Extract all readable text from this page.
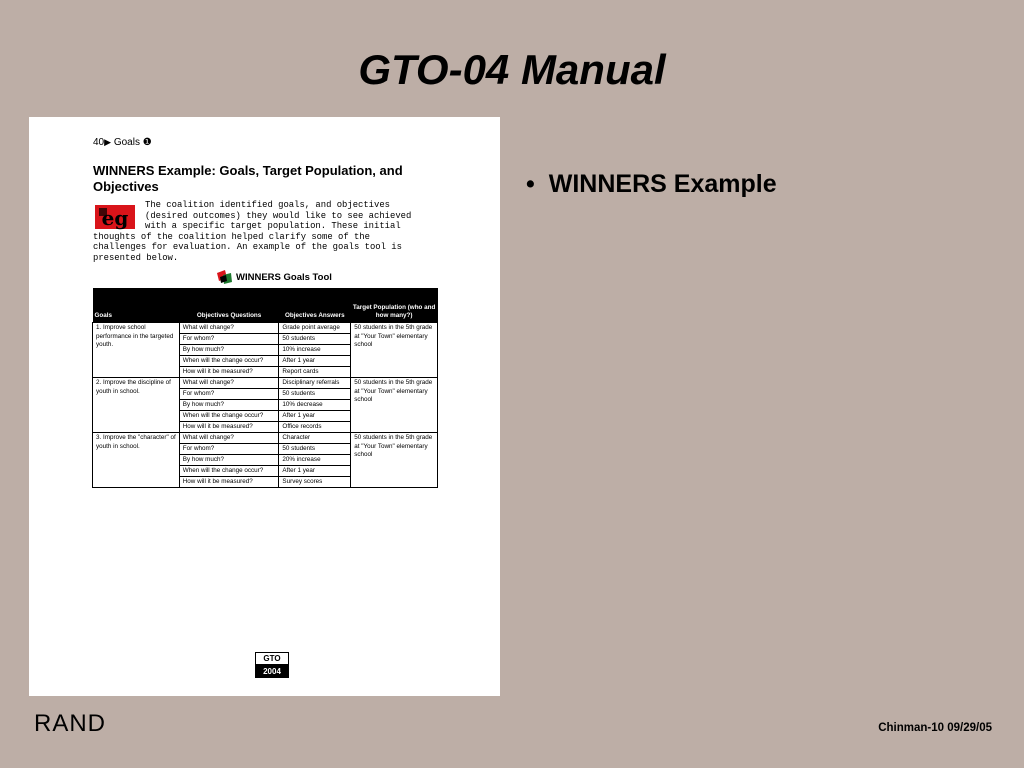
GTO-04 Manual
40▶ Goals ❶
WINNERS Example: Goals, Target Population, and Objectives
eg
The coalition identified goals, and objectives
(desired outcomes) they would like to see achieved
with a specific target population. These initial
thoughts of the coalition helped clarify some of the
challenges for evaluation. An example of the goals tool is
presented below.
WINNERS Goals Tool
Goals	Objectives Questions	Objectives Answers	Target Population (who and how many?)
1. Improve school performance in the targeted youth.	What will change?	Grade point average	50 students in the 5th grade at "Your Town" elementary school
	For whom?	50 students	
	By how much?	10% increase	
	When will the change occur?	After 1 year	
	How will it be measured?	Report cards	
2. Improve the discipline of youth in school.	What will change?	Disciplinary referrals	50 students in the 5th grade at "Your Town" elementary school
	For whom?	50 students	
	By how much?	10% decrease	
	When will the change occur?	After 1 year	
	How will it be measured?	Office records	
3. Improve the "character" of youth in school.	What will change?	Character	50 students in the 5th grade at "Your Town" elementary school
	For whom?	50 students	
	By how much?	20% increase	
	When will the change occur?	After 1 year	
	How will it be measured?	Survey scores	
GTO
2004
• WINNERS Example
RAND	Chinman-10 09/29/05
